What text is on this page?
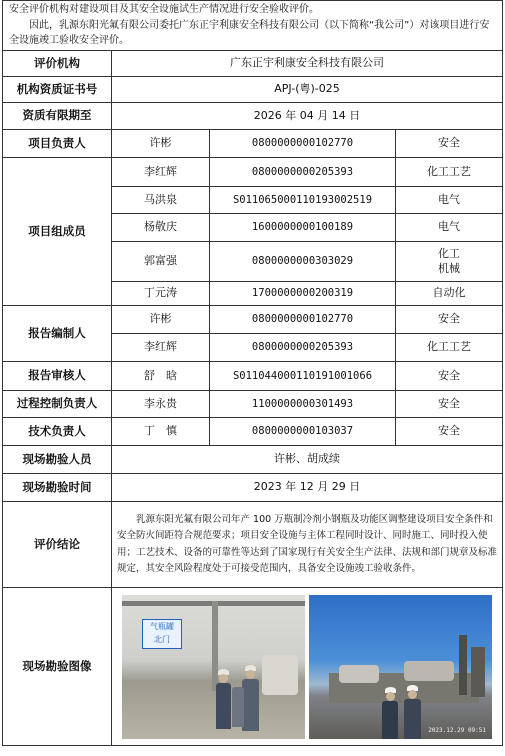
安全评价机构对建设项目及其安全设施试生产情况进行安全验收评价。

因此，乳源东阳光氟有限公司委托广东正宇利康安全科技有限公司（以下简称“我公司”）对该项目进行安全设施竣工验收安全评价。			

评价机构	广东正宇利康安全科技有限公司		
机构资质证书号	APJ-(粤)-025		
资质有限期至	2026 年 04 月 14 日		
项目负责人	许彬	0800000000102770	安全
项目组成员	李红辉	0800000000205393	化工工艺
	马洪泉	S011065000110193002519	电气
	杨敬庆	1600000000100189	电气
	郭富强	0800000000303029	化工
机械

	丁元涛	1700000000200319	自动化
报告编制人	许彬	0800000000102770	安全
	李红辉	0800000000205393	化工工艺
报告审核人	舒　晗	S011044000110191001066	安全
过程控制负责人	李永贵	1100000000301493	安全
技术负责人	丁　慎	0800000000103037	安全
现场勘验人员	许彬、胡成续		
现场勘验时间	2023 年 12 月 29 日		
评价结论	乳源东阳光氟有限公司年产 100 万瓶制冷剂小钢瓶及功能区调整建设项目安全条件和安全防火间距符合规范要求；项目安全设施与主体工程同时设计、同时施工、同时投入使用；工艺技术、设备的可靠性等达到了国家现行有关安全生产法律、法规和部门规章及标准规定，其安全风险程度处于可接受范围内，具备安全设施竣工验收条件。		
现场勘验图像	气瓶罐
北门
2023.12.29 09:51		
